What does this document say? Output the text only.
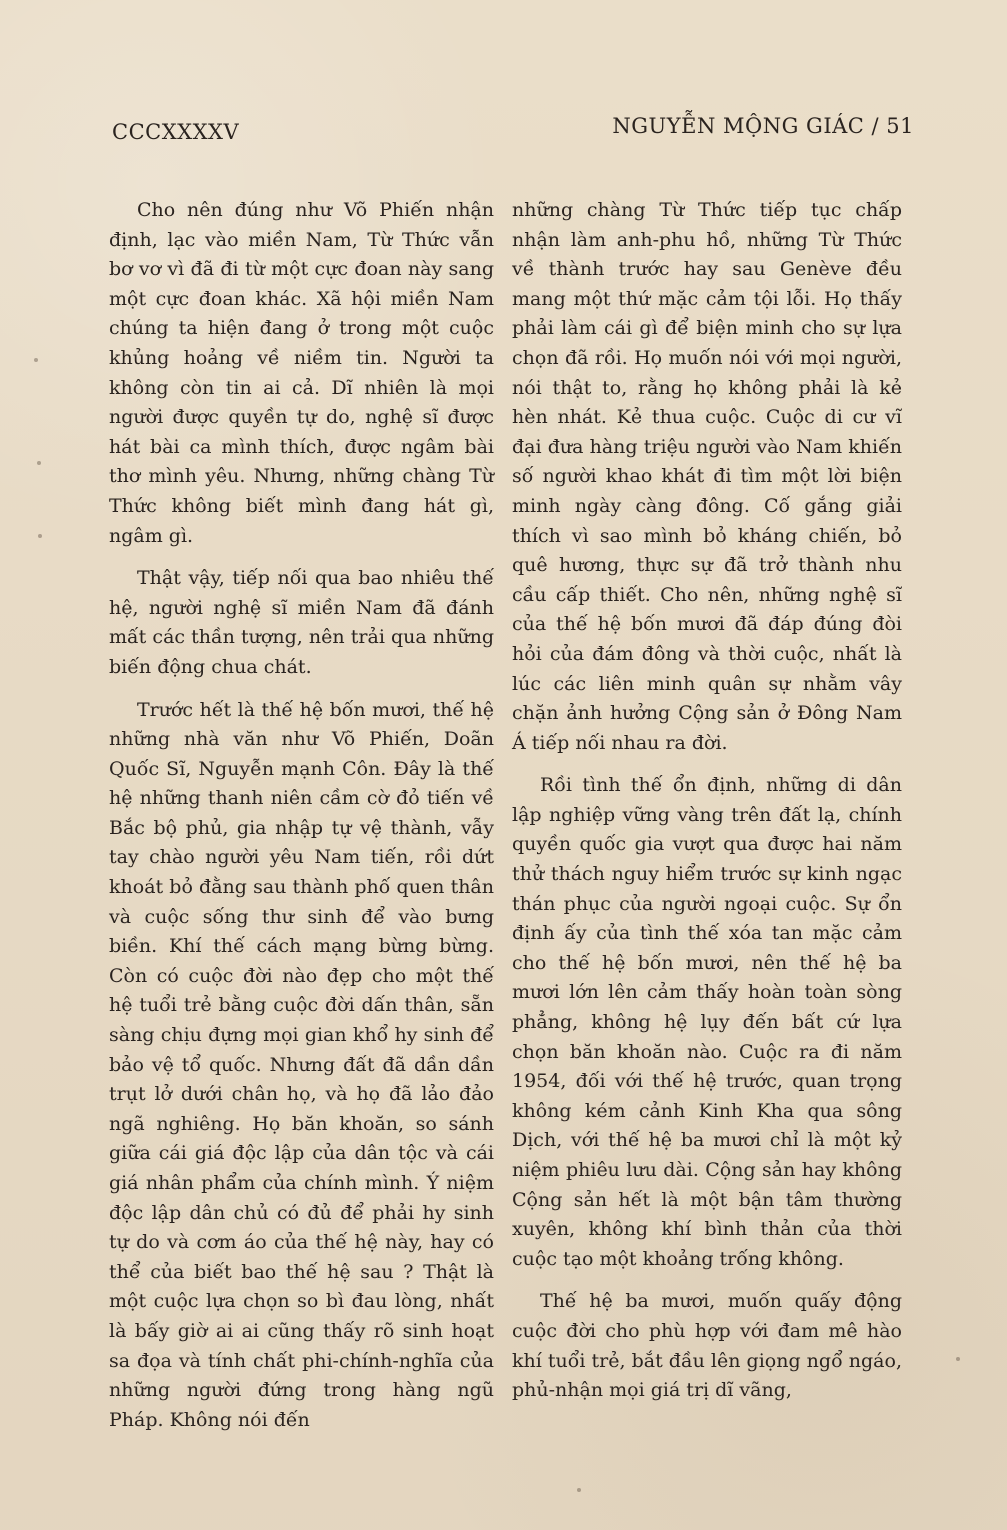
CCCXXXXV	NGUYỄN MỘNG GIÁC / 51

Cho nên đúng như Võ Phiến nhận định, lạc vào miền Nam, Từ Thức vẫn bơ vơ vì đã đi từ một cực đoan này sang một cực đoan khác. Xã hội miền Nam chúng ta hiện đang ở trong một cuộc khủng hoảng về niềm tin. Người ta không còn tin ai cả. Dĩ nhiên là mọi người được quyền tự do, nghệ sĩ được hát bài ca mình thích, được ngâm bài thơ mình yêu. Nhưng, những chàng Từ Thức không biết mình đang hát gì, ngâm gì.

Thật vậy, tiếp nối qua bao nhiêu thế hệ, người nghệ sĩ miền Nam đã đánh mất các thần tượng, nên trải qua những biến động chua chát.

Trước hết là thế hệ bốn mươi, thế hệ những nhà văn như Võ Phiến, Doãn Quốc Sĩ, Nguyễn mạnh Côn. Đây là thế hệ những thanh niên cầm cờ đỏ tiến về Bắc bộ phủ, gia nhập tự vệ thành, vẫy tay chào người yêu Nam tiến, rồi dứt khoát bỏ đằng sau thành phố quen thân và cuộc sống thư sinh để vào bưng biền. Khí thế cách mạng bừng bừng. Còn có cuộc đời nào đẹp cho một thế hệ tuổi trẻ bằng cuộc đời dấn thân, sẵn sàng chịu đựng mọi gian khổ hy sinh để bảo vệ tổ quốc. Nhưng đất đã dần dần trụt lở dưới chân họ, và họ đã lảo đảo ngã nghiêng. Họ băn khoăn, so sánh giữa cái giá độc lập của dân tộc và cái giá nhân phẩm của chính mình. Ý niệm độc lập dân chủ có đủ để phải hy sinh tự do và cơm áo của thế hệ này, hay có thể của biết bao thế hệ sau ? Thật là một cuộc lựa chọn so bì đau lòng, nhất là bấy giờ ai ai cũng thấy rõ sinh hoạt sa đọa và tính chất phi-chính-nghĩa của những người đứng trong hàng ngũ Pháp. Không nói đến

những chàng Từ Thức tiếp tục chấp nhận làm anh-phu hồ, những Từ Thức về thành trước hay sau Genève đều mang một thứ mặc cảm tội lỗi. Họ thấy phải làm cái gì để biện minh cho sự lựa chọn đã rồi. Họ muốn nói với mọi người, nói thật to, rằng họ không phải là kẻ hèn nhát. Kẻ thua cuộc. Cuộc di cư vĩ đại đưa hàng triệu người vào Nam khiến số người khao khát đi tìm một lời biện minh ngày càng đông. Cố gắng giải thích vì sao mình bỏ kháng chiến, bỏ quê hương, thực sự đã trở thành nhu cầu cấp thiết. Cho nên, những nghệ sĩ của thế hệ bốn mươi đã đáp đúng đòi hỏi của đám đông và thời cuộc, nhất là lúc các liên minh quân sự nhằm vây chặn ảnh hưởng Cộng sản ở Đông Nam Á tiếp nối nhau ra đời.

Rồi tình thế ổn định, những di dân lập nghiệp vững vàng trên đất lạ, chính quyền quốc gia vượt qua được hai năm thử thách nguy hiểm trước sự kinh ngạc thán phục của người ngoại cuộc. Sự ổn định ấy của tình thế xóa tan mặc cảm cho thế hệ bốn mươi, nên thế hệ ba mươi lớn lên cảm thấy hoàn toàn sòng phẳng, không hệ lụy đến bất cứ lựa chọn băn khoăn nào. Cuộc ra đi năm 1954, đối với thế hệ trước, quan trọng không kém cảnh Kinh Kha qua sông Dịch, với thế hệ ba mươi chỉ là một kỷ niệm phiêu lưu dài. Cộng sản hay không Cộng sản hết là một bận tâm thường xuyên, không khí bình thản của thời cuộc tạo một khoảng trống không.

Thế hệ ba mươi, muốn quấy động cuộc đời cho phù hợp với đam mê hào khí tuổi trẻ, bắt đầu lên giọng ngổ ngáo, phủ-nhận mọi giá trị dĩ vãng,
